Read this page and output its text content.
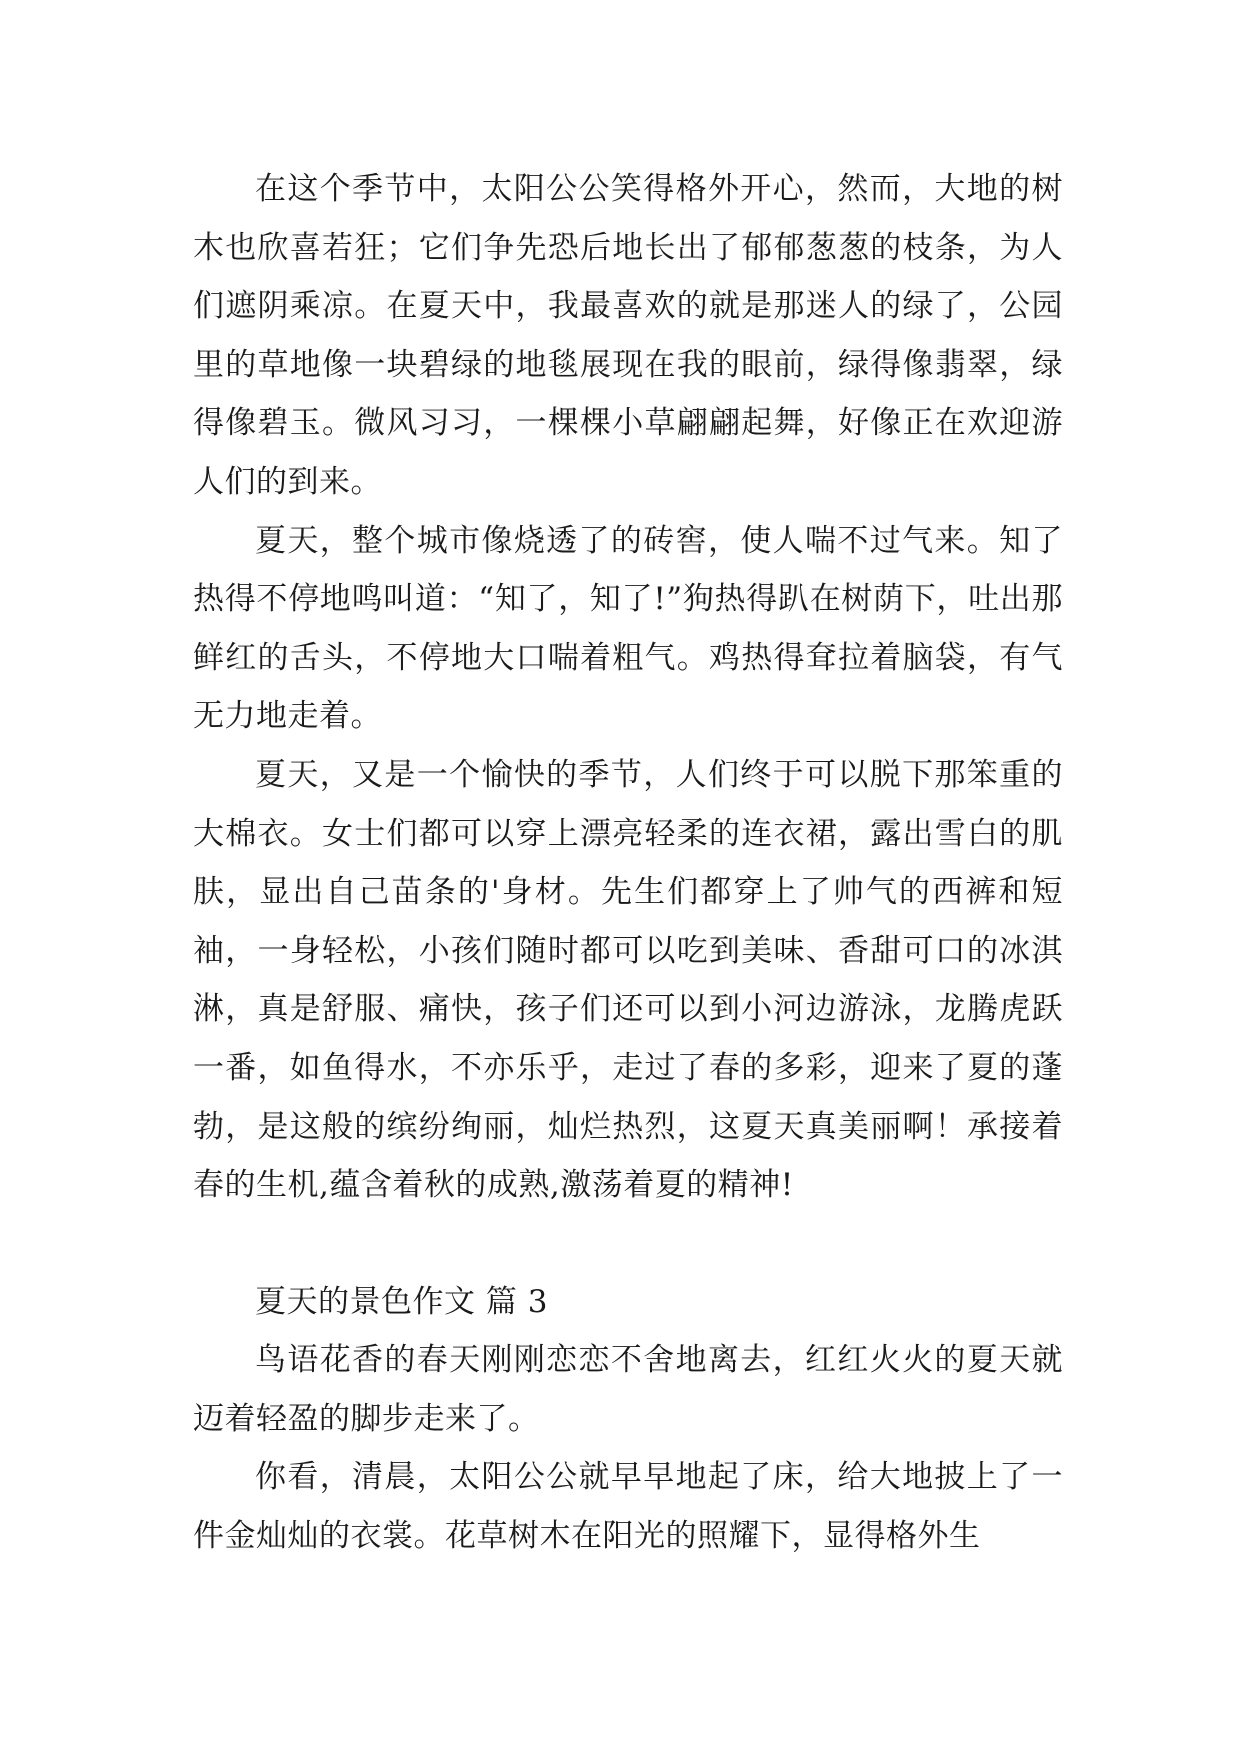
在这个季节中，太阳公公笑得格外开心，然而，大地的树木也欣喜若狂；它们争先恐后地长出了郁郁葱葱的枝条，为人们遮阴乘凉。在夏天中，我最喜欢的就是那迷人的绿了，公园里的草地像一块碧绿的地毯展现在我的眼前，绿得像翡翠，绿得像碧玉。微风习习，一棵棵小草翩翩起舞，好像正在欢迎游人们的到来。

夏天，整个城市像烧透了的砖窖，使人喘不过气来。知了热得不停地鸣叫道：“知了，知了!”狗热得趴在树荫下，吐出那鲜红的舌头，不停地大口喘着粗气。鸡热得耷拉着脑袋，有气无力地走着。

夏天，又是一个愉快的季节，人们终于可以脱下那笨重的大棉衣。女士们都可以穿上漂亮轻柔的连衣裙，露出雪白的肌肤，显出自己苗条的'身材。先生们都穿上了帅气的西裤和短袖，一身轻松，小孩们随时都可以吃到美味、香甜可口的冰淇淋，真是舒服、痛快，孩子们还可以到小河边游泳，龙腾虎跃一番，如鱼得水，不亦乐乎，走过了春的多彩，迎来了夏的蓬勃，是这般的缤纷绚丽，灿烂热烈，这夏天真美丽啊！承接着春的生机,蕴含着秋的成熟,激荡着夏的精神!

夏天的景色作文 篇 3

鸟语花香的春天刚刚恋恋不舍地离去，红红火火的夏天就迈着轻盈的脚步走来了。

你看，清晨，太阳公公就早早地起了床，给大地披上了一件金灿灿的衣裳。花草树木在阳光的照耀下，显得格外生
